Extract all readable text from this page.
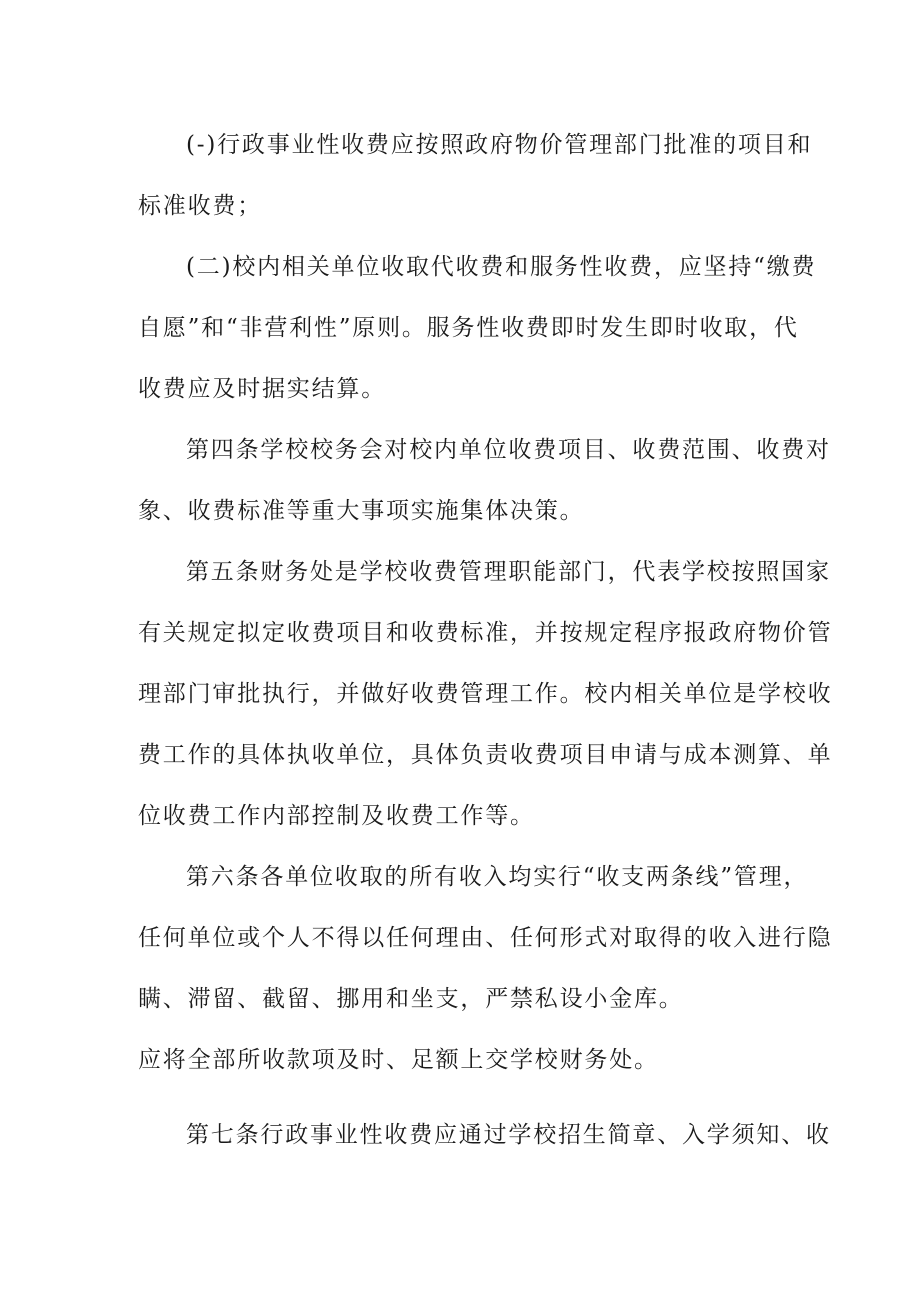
(-)行政事业性收费应按照政府物价管理部门批准的项目和
标准收费；
(二)校内相关单位收取代收费和服务性收费，应坚持“缴费
自愿”和“非营利性”原则。服务性收费即时发生即时收取，代
收费应及时据实结算。
第四条学校校务会对校内单位收费项目、收费范围、收费对
象、收费标准等重大事项实施集体决策。
第五条财务处是学校收费管理职能部门，代表学校按照国家
有关规定拟定收费项目和收费标准，并按规定程序报政府物价管
理部门审批执行，并做好收费管理工作。校内相关单位是学校收
费工作的具体执收单位，具体负责收费项目申请与成本测算、单
位收费工作内部控制及收费工作等。
第六条各单位收取的所有收入均实行“收支两条线”管理，
任何单位或个人不得以任何理由、任何形式对取得的收入进行隐
瞒、滞留、截留、挪用和坐支，严禁私设小金库。
应将全部所收款项及时、足额上交学校财务处。
第七条行政事业性收费应通过学校招生简章、入学须知、收
